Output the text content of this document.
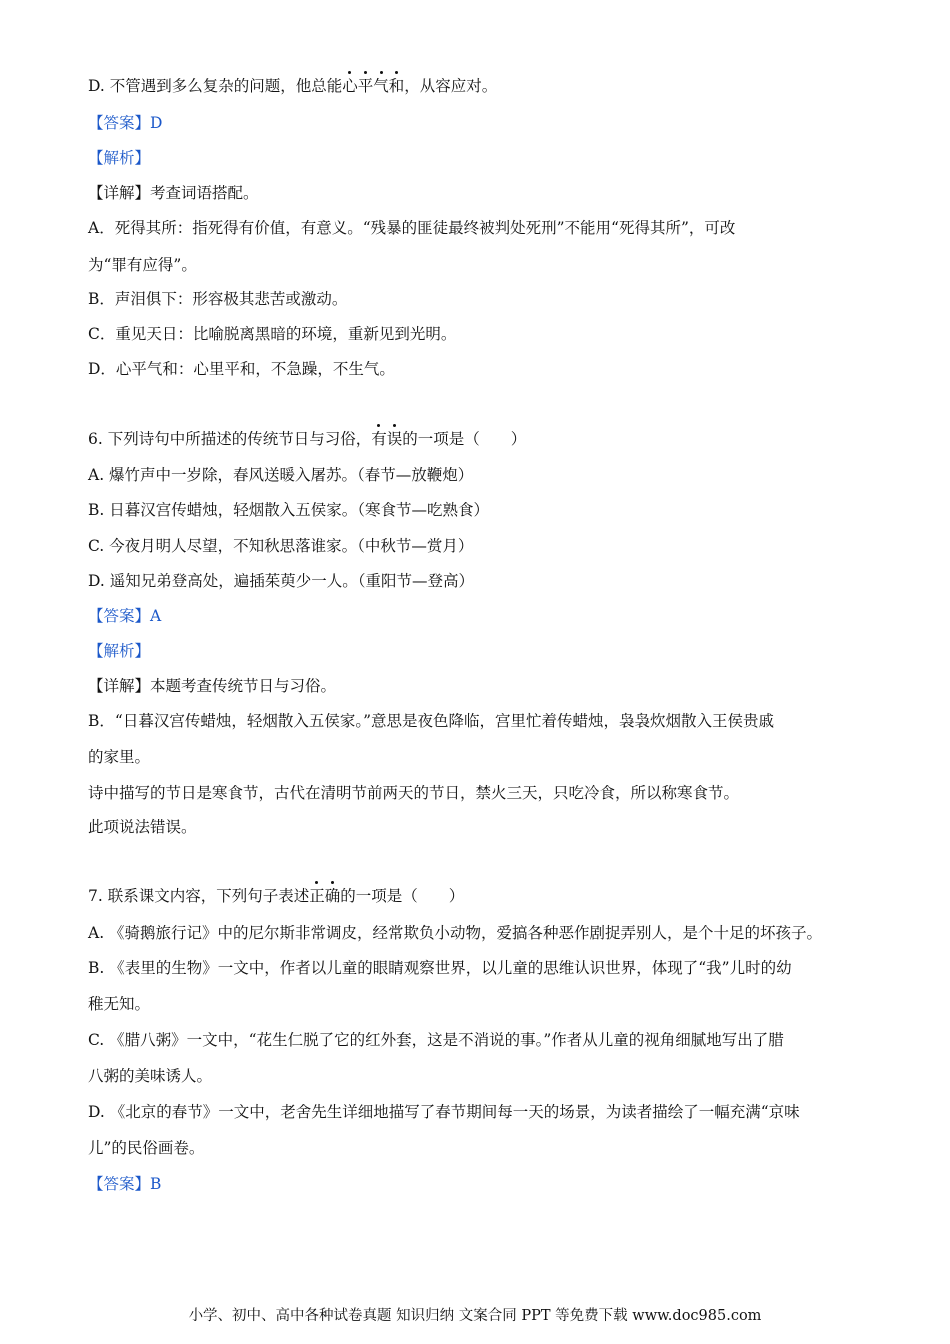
D. 不管遇到多么复杂的问题，他总能心平气和，从容应对。
【答案】D
【解析】
【详解】考查词语搭配。
A．死得其所：指死得有价值，有意义。“残暴的匪徒最终被判处死刑”不能用“死得其所”，可改
为“罪有应得”。
B．声泪俱下：形容极其悲苦或激动。
C．重见天日：比喻脱离黑暗的环境，重新见到光明。
D．心平气和：心里平和，不急躁，不生气。
6. 下列诗句中所描述的传统节日与习俗，有误的一项是（　　）
A. 爆竹声中一岁除，春风送暖入屠苏。（春节—放鞭炮）
B. 日暮汉宫传蜡烛，轻烟散入五侯家。（寒食节—吃熟食）
C. 今夜月明人尽望，不知秋思落谁家。（中秋节—赏月）
D. 遥知兄弟登高处，遍插茱萸少一人。（重阳节—登高）
【答案】A
【解析】
【详解】本题考查传统节日与习俗。
B．“日暮汉宫传蜡烛，轻烟散入五侯家。”意思是夜色降临，宫里忙着传蜡烛，袅袅炊烟散入王侯贵戚
的家里。
诗中描写的节日是寒食节，古代在清明节前两天的节日，禁火三天，只吃冷食，所以称寒食节。
此项说法错误。
7. 联系课文内容，下列句子表述正确的一项是（　　）
A. 《骑鹅旅行记》中的尼尔斯非常调皮，经常欺负小动物，爱搞各种恶作剧捉弄别人，是个十足的坏孩子。
B. 《表里的生物》一文中，作者以儿童的眼睛观察世界，以儿童的思维认识世界，体现了“我”儿时的幼
稚无知。
C. 《腊八粥》一文中，“花生仁脱了它的红外套，这是不消说的事。”作者从儿童的视角细腻地写出了腊
八粥的美味诱人。
D. 《北京的春节》一文中，老舍先生详细地描写了春节期间每一天的场景，为读者描绘了一幅充满“京味
儿”的民俗画卷。
【答案】B
小学、初中、高中各种试卷真题 知识归纳 文案合同 PPT 等免费下载 www.doc985.com
